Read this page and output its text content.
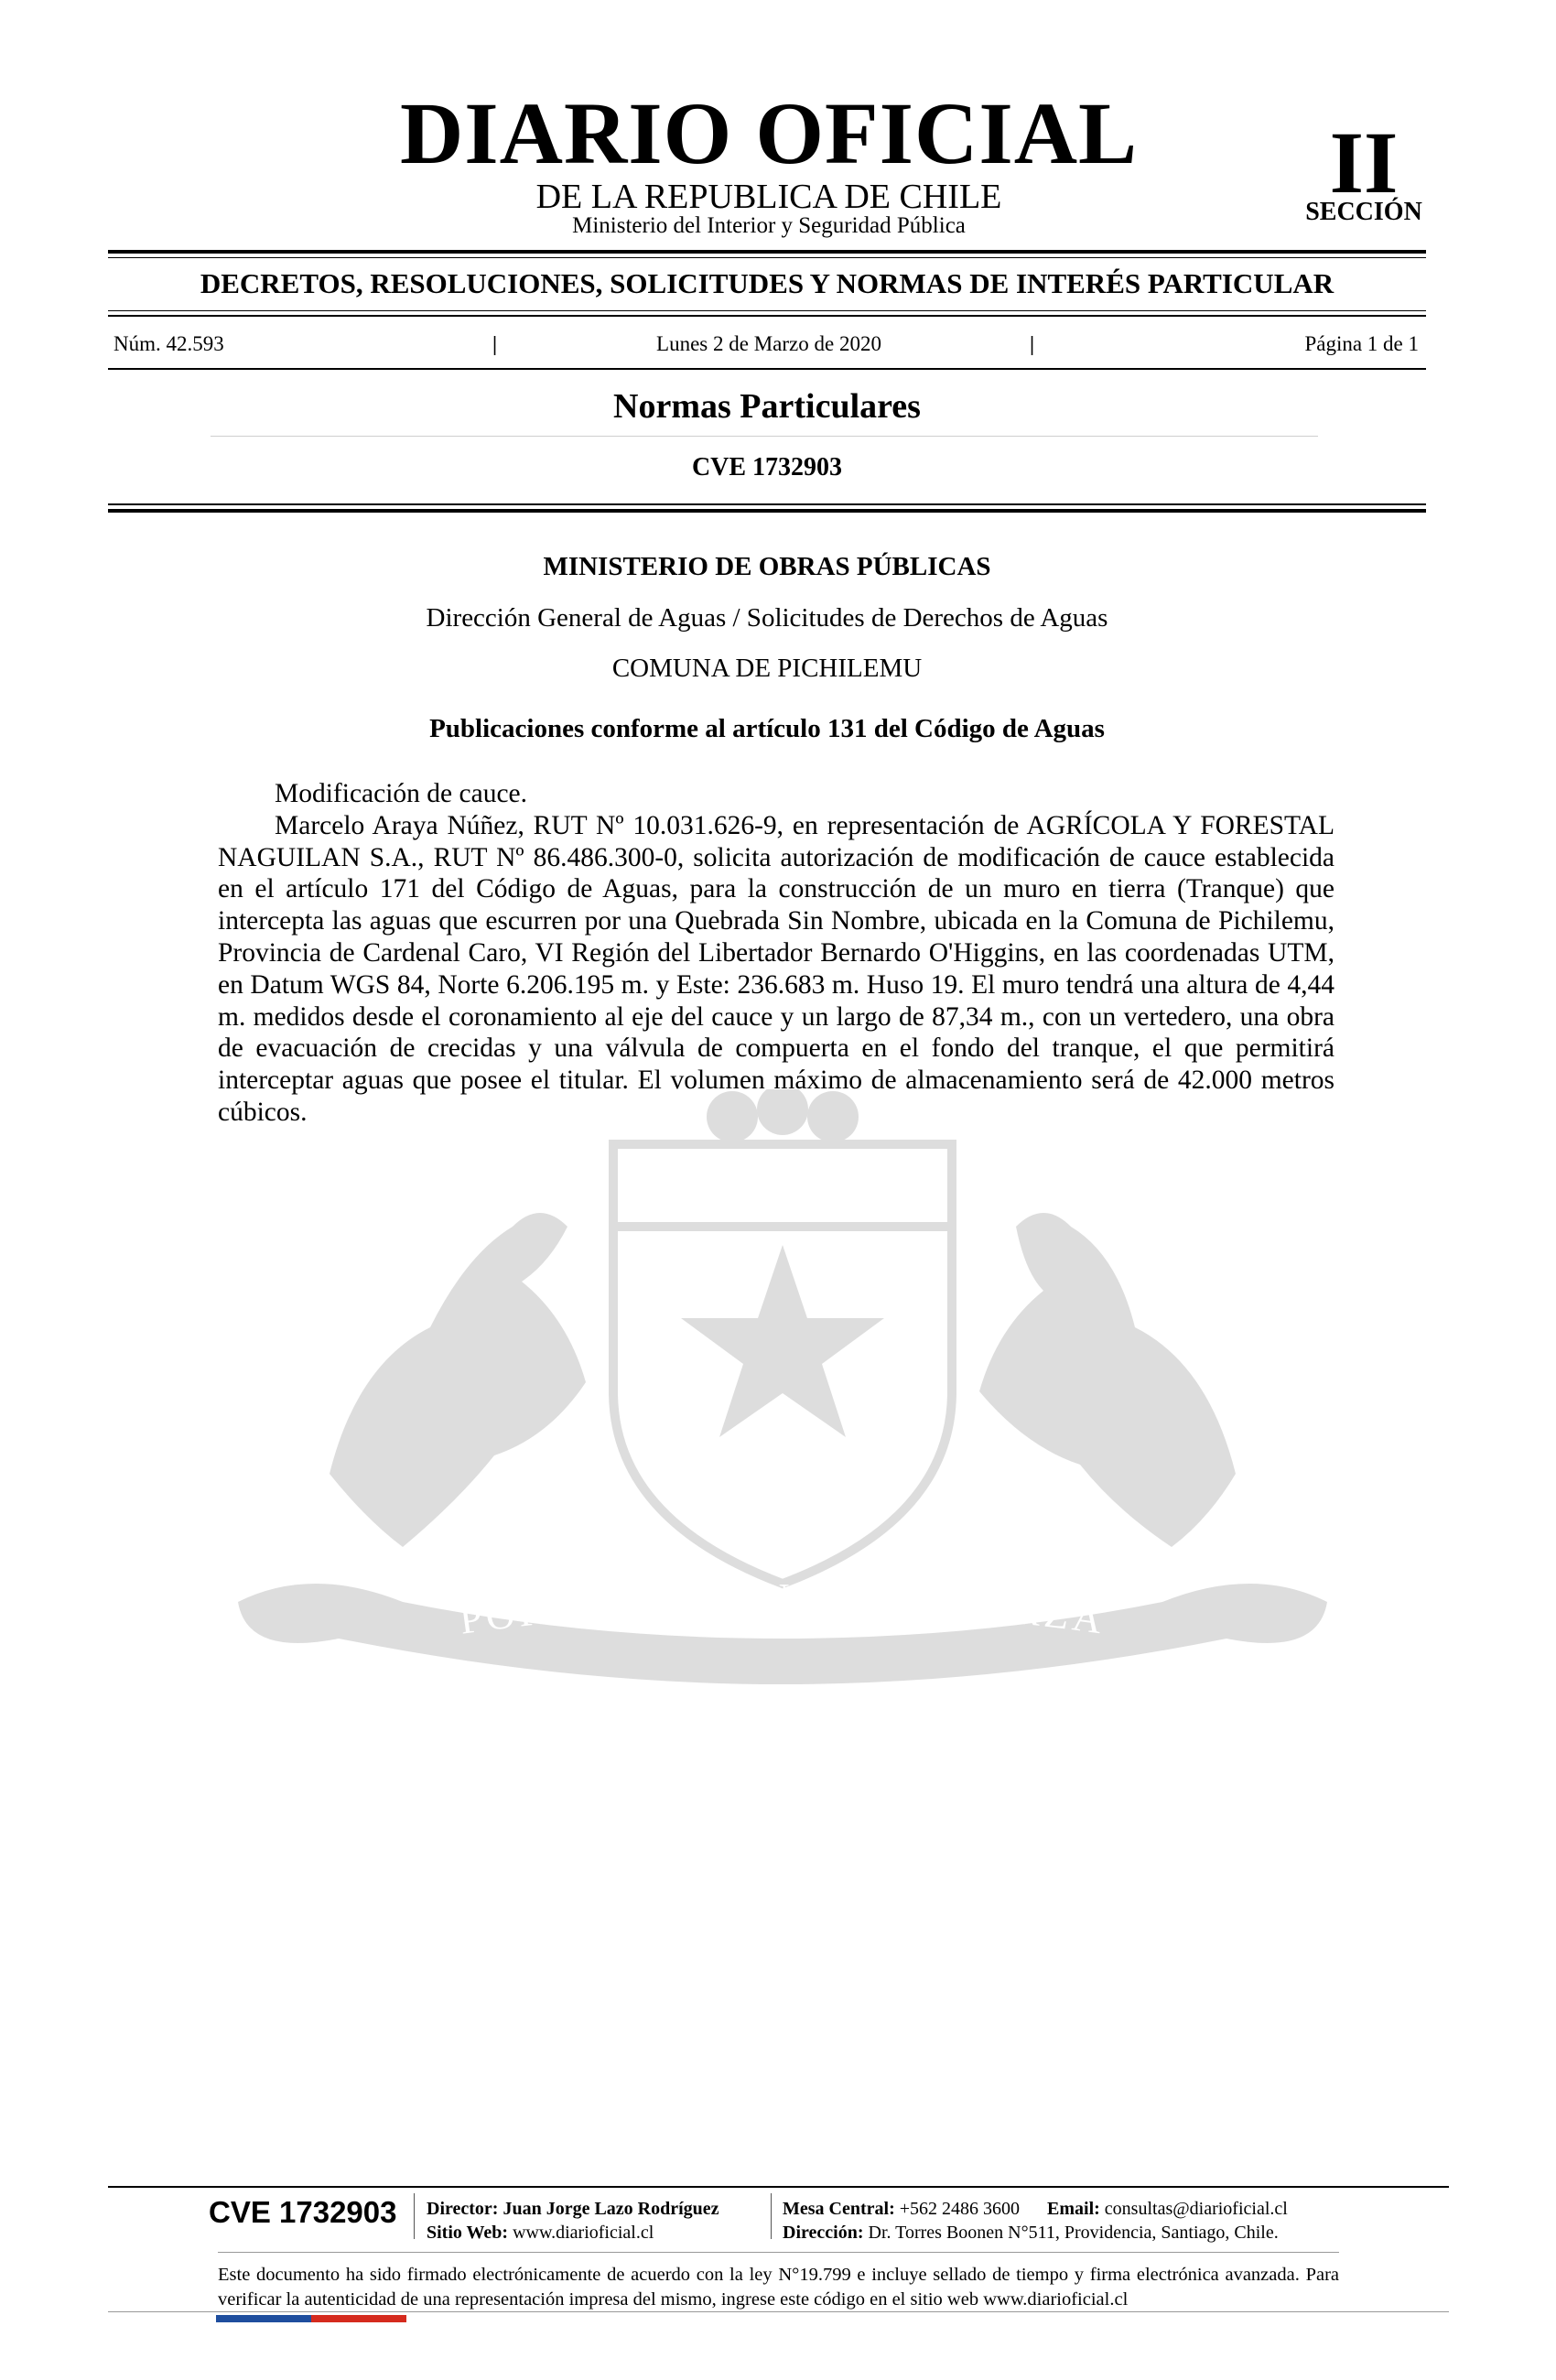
DIARIO OFICIAL
DE LA REPUBLICA DE CHILE
Ministerio del Interior y Seguridad Pública
II
SECCIÓN
DECRETOS, RESOLUCIONES, SOLICITUDES Y NORMAS DE INTERÉS PARTICULAR
Núm. 42.593	|	Lunes 2 de Marzo de 2020	|	Página 1 de 1
Normas Particulares
CVE 1732903
POR LA RAZON O LA FUERZA
MINISTERIO DE OBRAS PÚBLICAS
Dirección General de Aguas / Solicitudes de Derechos de Aguas
COMUNA DE PICHILEMU
Publicaciones conforme al artículo 131 del Código de Aguas

Modificación de cauce.

Marcelo Araya Núñez, RUT Nº 10.031.626-9, en representación de AGRÍCOLA Y FORESTAL NAGUILAN S.A., RUT Nº 86.486.300-0, solicita autorización de modificación de cauce establecida en el artículo 171 del Código de Aguas, para la construcción de un muro en tierra (Tranque) que intercepta las aguas que escurren por una Quebrada Sin Nombre, ubicada en la Comuna de Pichilemu, Provincia de Cardenal Caro, VI Región del Libertador Bernardo O'Higgins, en las coordenadas UTM, en Datum WGS 84, Norte 6.206.195 m. y Este: 236.683 m. Huso 19. El muro tendrá una altura de 4,44 m. medidos desde el coronamiento al eje del cauce y un largo de 87,34 m., con un vertedero, una obra de evacuación de crecidas y una válvula de compuerta en el fondo del tranque, el que permitirá interceptar aguas que posee el titular. El volumen máximo de almacenamiento será de 42.000 metros cúbicos.

CVE 1732903 Director: Juan Jorge Lazo Rodríguez
Sitio Web: www.diarioficial.cl
Mesa Central: +562 2486 3600 Email: consultas@diarioficial.cl
Dirección: Dr. Torres Boonen N°511, Providencia, Santiago, Chile.
Este documento ha sido firmado electrónicamente de acuerdo con la ley N°19.799 e incluye sellado de tiempo y firma electrónica avanzada. Para verificar la autenticidad de una representación impresa del mismo, ingrese este código en el sitio web www.diarioficial.cl
